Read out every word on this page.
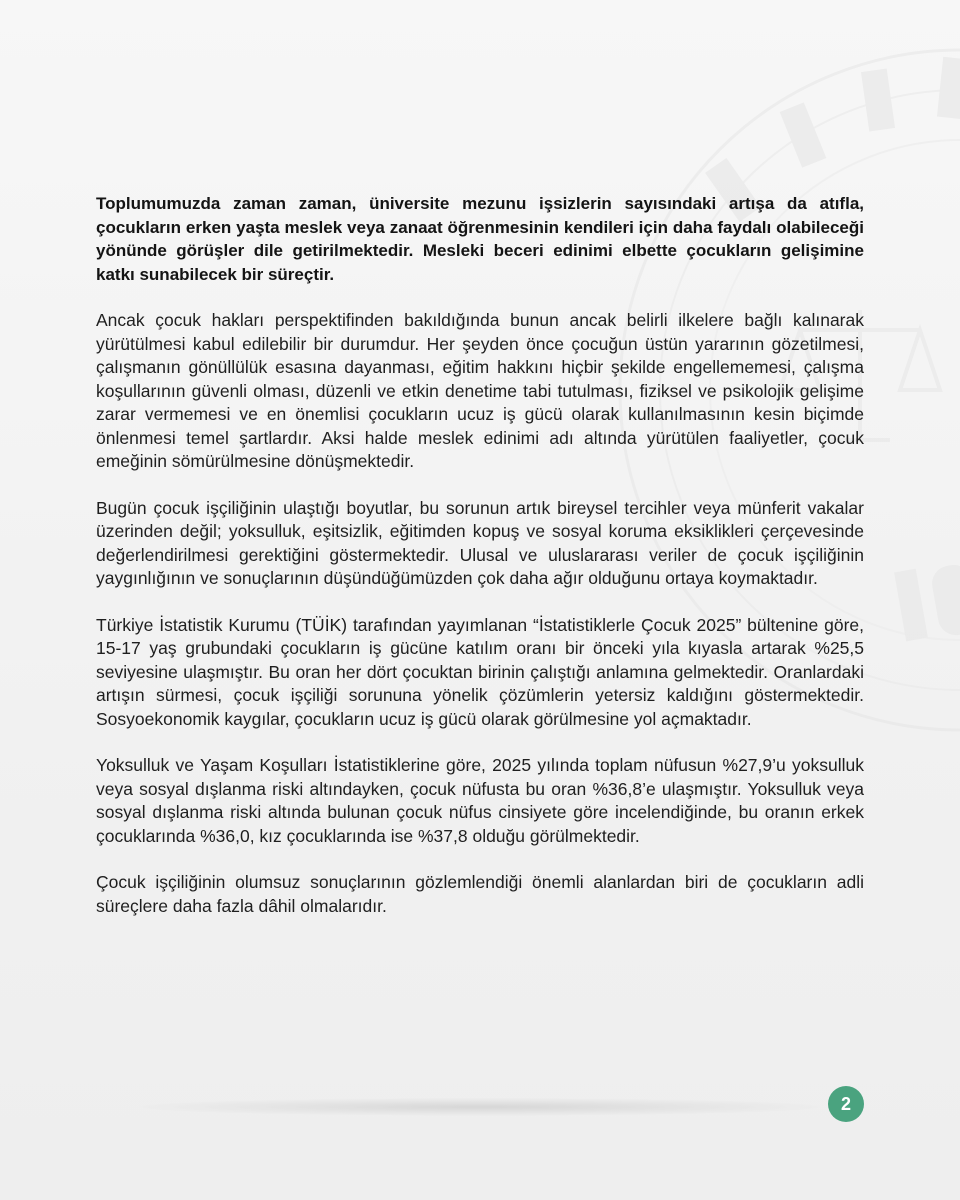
Toplumumuzda zaman zaman, üniversite mezunu işsizlerin sayısındaki artışa da atıfla, çocukların erken yaşta meslek veya zanaat öğrenmesinin kendileri için daha faydalı olabileceği yönünde görüşler dile getirilmektedir. Mesleki beceri edinimi elbette çocukların gelişimine katkı sunabilecek bir süreçtir.

Ancak çocuk hakları perspektifinden bakıldığında bunun ancak belirli ilkelere bağlı kalınarak yürütülmesi kabul edilebilir bir durumdur. Her şeyden önce çocuğun üstün yararının gözetilmesi, çalışmanın gönüllülük esasına dayanması, eğitim hakkını hiçbir şekilde engellememesi, çalışma koşullarının güvenli olması, düzenli ve etkin denetime tabi tutulması, fiziksel ve psikolojik gelişime zarar vermemesi ve en önemlisi çocukların ucuz iş gücü olarak kullanılmasının kesin biçimde önlenmesi temel şartlardır. Aksi halde meslek edinimi adı altında yürütülen faaliyetler, çocuk emeğinin sömürülmesine dönüşmektedir.

Bugün çocuk işçiliğinin ulaştığı boyutlar, bu sorunun artık bireysel tercihler veya münferit vakalar üzerinden değil; yoksulluk, eşitsizlik, eğitimden kopuş ve sosyal koruma eksiklikleri çerçevesinde değerlendirilmesi gerektiğini göstermektedir. Ulusal ve uluslararası veriler de çocuk işçiliğinin yaygınlığının ve sonuçlarının düşündüğümüzden çok daha ağır olduğunu ortaya koymaktadır.

Türkiye İstatistik Kurumu (TÜİK) tarafından yayımlanan “İstatistiklerle Çocuk 2025” bültenine göre, 15-17 yaş grubundaki çocukların iş gücüne katılım oranı bir önceki yıla kıyasla artarak %25,5 seviyesine ulaşmıştır. Bu oran her dört çocuktan birinin çalıştığı anlamına gelmektedir. Oranlardaki artışın sürmesi, çocuk işçiliği sorununa yönelik çözümlerin yetersiz kaldığını göstermektedir. Sosyoekonomik kaygılar, çocukların ucuz iş gücü olarak görülmesine yol açmaktadır.

Yoksulluk ve Yaşam Koşulları İstatistiklerine göre, 2025 yılında toplam nüfusun %27,9’u yoksulluk veya sosyal dışlanma riski altındayken, çocuk nüfusta bu oran %36,8’e ulaşmıştır. Yoksulluk veya sosyal dışlanma riski altında bulunan çocuk nüfus cinsiyete göre incelendiğinde, bu oranın erkek çocuklarında %36,0, kız çocuklarında ise %37,8 olduğu görülmektedir.

Çocuk işçiliğinin olumsuz sonuçlarının gözlemlendiği önemli alanlardan biri de çocukların adli süreçlere daha fazla dâhil olmalarıdır.

2
